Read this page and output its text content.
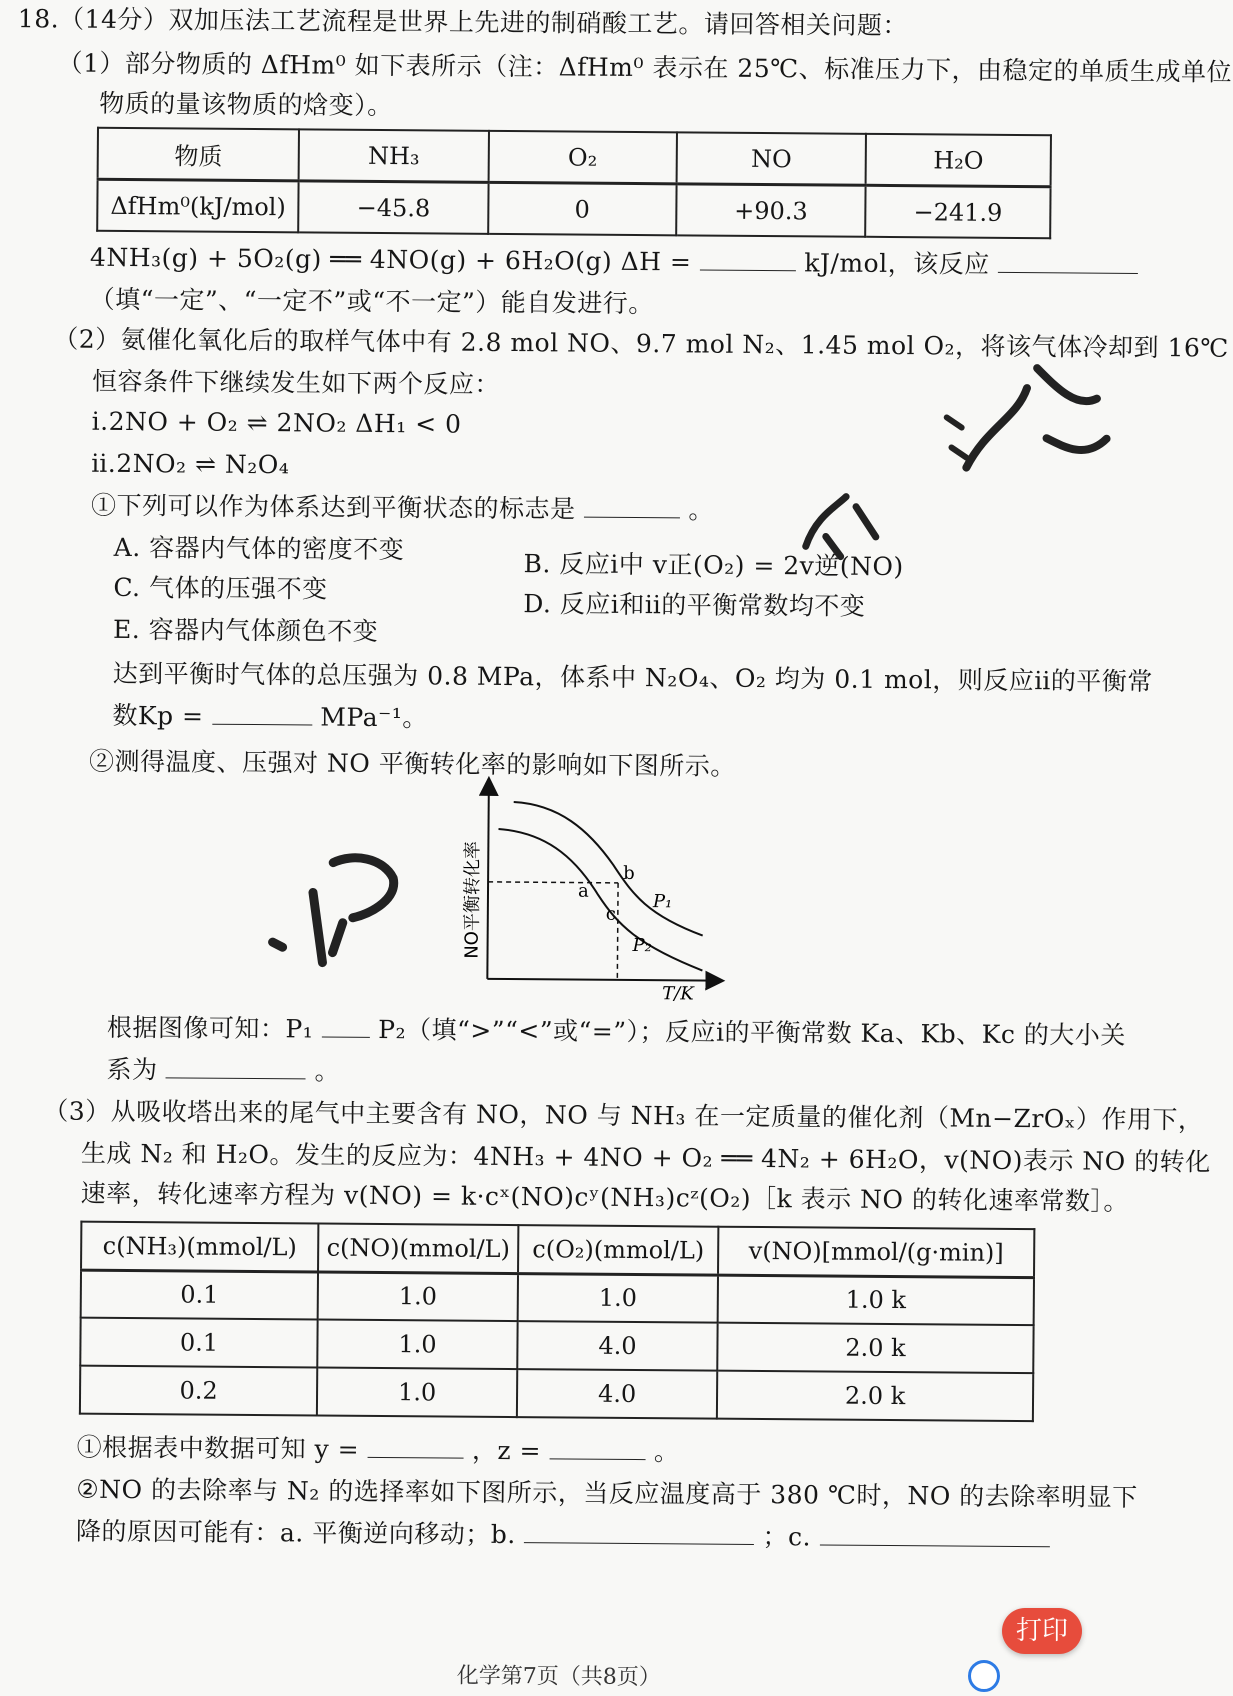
18.（14分）双加压法工艺流程是世界上先进的制硝酸工艺。请回答相关问题：
（1）部分物质的 ΔfHm⁰ 如下表所示（注：ΔfHm⁰ 表示在 25℃、标准压力下，由稳定的单质生成单位
物质的量该物质的焓变）。
物质	NH₃	O₂	NO	H₂O
ΔfHm⁰(kJ/mol)	−45.8	0	+90.3	−241.9
4NH₃(g) + 5O₂(g) ══ 4NO(g) + 6H₂O(g) ΔH =	kJ/mol，该反应
（填“一定”、“一定不”或“不一定”）能自发进行。
（2）氨催化氧化后的取样气体中有 2.8 mol NO、9.7 mol N₂、1.45 mol O₂，将该气体冷却到 16℃
恒容条件下继续发生如下两个反应：
ⅰ.2NO + O₂ ⇌ 2NO₂ ΔH₁ < 0
ⅱ.2NO₂ ⇌ N₂O₄
①下列可以作为体系达到平衡状态的标志是	。
A. 容器内气体的密度不变
B. 反应ⅰ中 v正(O₂) = 2v逆(NO)
C. 气体的压强不变
D. 反应ⅰ和ⅱ的平衡常数均不变
E. 容器内气体颜色不变
达到平衡时气体的总压强为 0.8 MPa，体系中 N₂O₄、O₂ 均为 0.1 mol，则反应ⅱ的平衡常
数Kp =	MPa⁻¹。
②测得温度、压强对 NO 平衡转化率的影响如下图所示。
a
b
c
P₁
P₂
T/K
NO平衡转化率
根据图像可知：P₁	P₂（填“>”“<”或“=”）；反应ⅰ的平衡常数 Ka、Kb、Kc 的大小关
系为	。
（3）从吸收塔出来的尾气中主要含有 NO，NO 与 NH₃ 在一定质量的催化剂（Mn−ZrOₓ）作用下，
生成 N₂ 和 H₂O。发生的反应为：4NH₃ + 4NO + O₂ ══ 4N₂ + 6H₂O，v(NO)表示 NO 的转化
速率，转化速率方程为 v(NO) = k·cˣ(NO)cʸ(NH₃)cᶻ(O₂)［k 表示 NO 的转化速率常数］。
c(NH₃)(mmol/L)	c(NO)(mmol/L)	c(O₂)(mmol/L)	v(NO)[mmol/(g·min)]
0.1	1.0	1.0	1.0 k
0.1	1.0	4.0	2.0 k
0.2	1.0	4.0	2.0 k
①根据表中数据可知 y =	，z =	。
②NO 的去除率与 N₂ 的选择率如下图所示，当反应温度高于 380 ℃时，NO 的去除率明显下
降的原因可能有：a. 平衡逆向移动；b.	；c.
化学第7页（共8页）
打印
